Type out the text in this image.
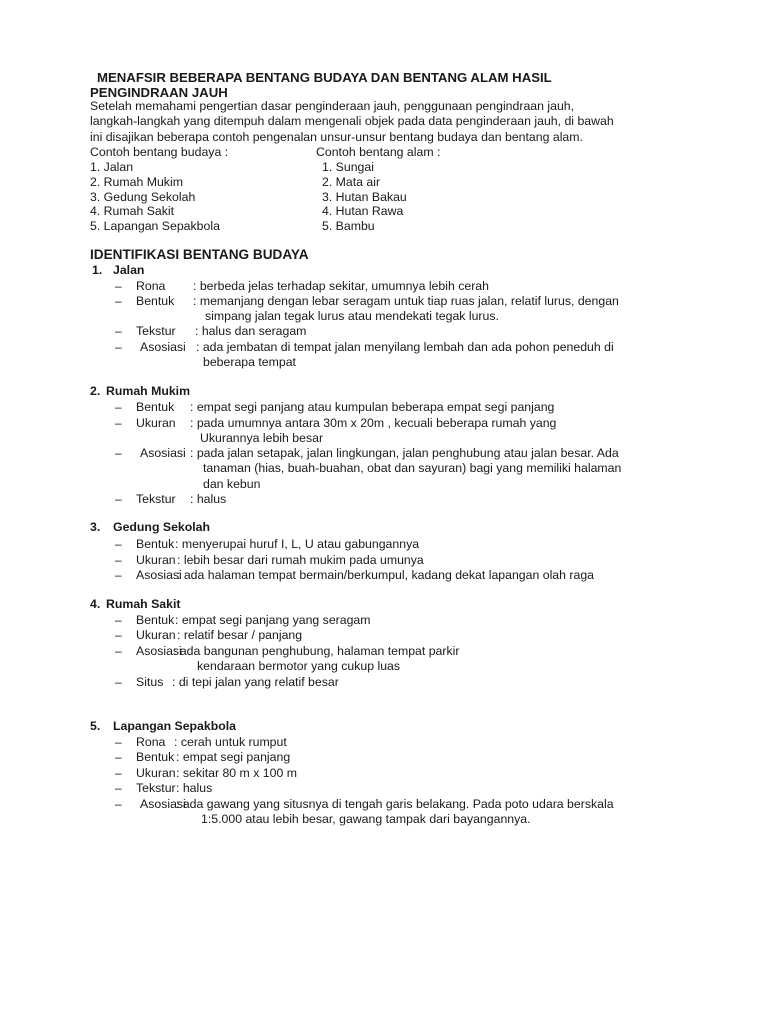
MENAFSIR BEBERAPA BENTANG BUDAYA DAN BENTANG ALAM HASIL
PENGINDRAAN JAUH
Setelah memahami pengertian dasar penginderaan jauh, penggunaan pengindraan jauh,
langkah-langkah yang ditempuh dalam mengenali objek pada data penginderaan jauh, di bawah
ini disajikan beberapa contoh pengenalan unsur-unsur bentang budaya dan bentang alam.
Contoh bentang budaya :	Contoh bentang alam :
1. Jalan
2. Rumah Mukim
3. Gedung Sekolah
4. Rumah Sakit
5. Lapangan Sepakbola
1. Sungai
2. Mata air
3. Hutan Bakau
4. Hutan Rawa
5. Bambu
IDENTIFIKASI BENTANG BUDAYA
1. Jalan
– Rona : berbeda jelas terhadap sekitar, umumnya lebih cerah
– Bentuk : memanjang dengan lebar seragam untuk tiap ruas jalan, relatif lurus, dengan
simpang jalan tegak lurus atau mendekati tegak lurus.
– Tekstur : halus dan seragam
– Asosiasi : ada jembatan di tempat jalan menyilang lembah dan ada pohon peneduh di
beberapa tempat
2. Rumah Mukim
– Bentuk : empat segi panjang atau kumpulan beberapa empat segi panjang
– Ukuran : pada umumnya antara 30m x 20m , kecuali beberapa rumah yang
Ukurannya lebih besar
– Asosiasi : pada jalan setapak, jalan lingkungan, jalan penghubung atau jalan besar. Ada
tanaman (hias, buah-buahan, obat dan sayuran) bagi yang memiliki halaman
dan kebun
– Tekstur : halus
3. Gedung Sekolah
– Bentuk : menyerupai huruf I, L, U atau gabungannya
– Ukuran : lebih besar dari rumah mukim pada umunya
– Asosiasi
: ada halaman tempat bermain/berkumpul, kadang dekat lapangan olah raga
4. Rumah Sakit
– Bentuk : empat segi panjang yang seragam
– Ukuran : relatif besar / panjang
– Asosiasi
: ada bangunan penghubung, halaman tempat parkir
kendaraan bermotor yang cukup luas
– Situs : di tepi jalan yang relatif besar
5. Lapangan Sepakbola
– Rona : cerah untuk rumput
– Bentuk : empat segi panjang
– Ukuran : sekitar 80 m x 100 m
– Tekstur : halus
– Asosiasi
: ada gawang yang situsnya di tengah garis belakang. Pada poto udara berskala
1:5.000 atau lebih besar, gawang tampak dari bayangannya.
